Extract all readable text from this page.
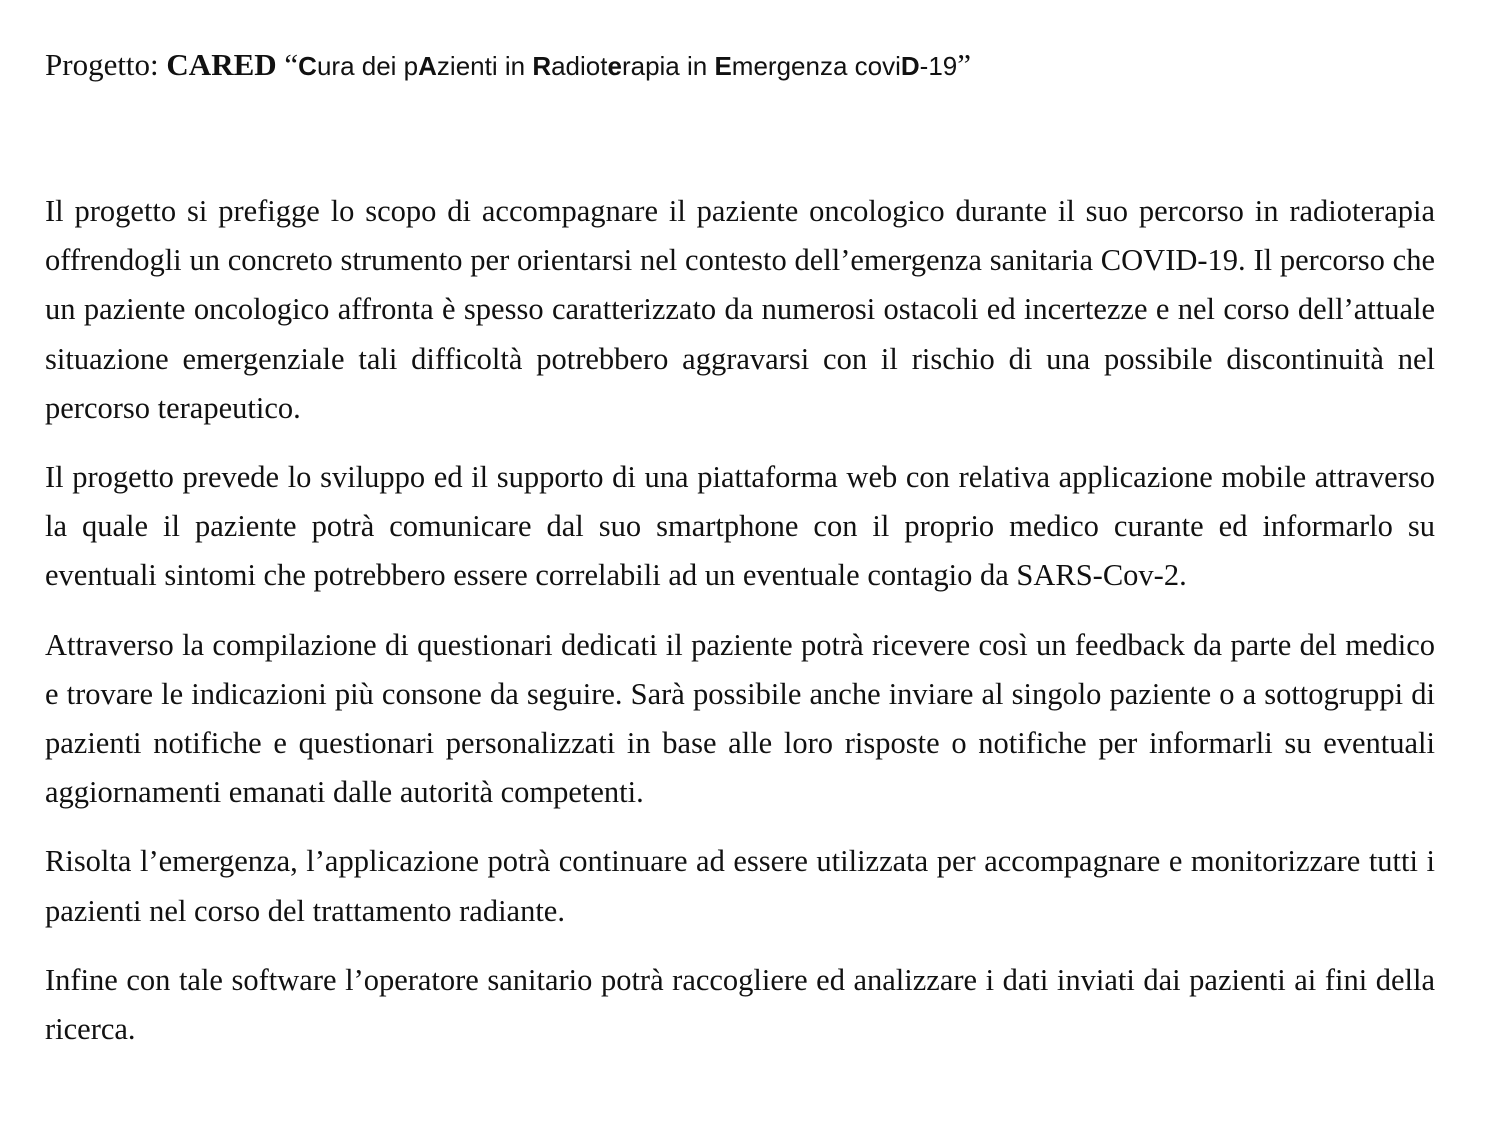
Progetto: CARED “Cura dei pAzienti in Radioterapia in Emergenza coviD-19”

Il progetto si prefigge lo scopo di accompagnare il paziente oncologico durante il suo percorso in radioterapia offrendogli un concreto strumento per orientarsi nel contesto dell’emergenza sanitaria COVID-19. Il percorso che un paziente oncologico affronta è spesso caratterizzato da numerosi ostacoli ed incertezze e nel corso dell’attuale situazione emergenziale tali difficoltà potrebbero aggravarsi con il rischio di una possibile discontinuità nel percorso terapeutico.

Il progetto prevede lo sviluppo ed il supporto di una piattaforma web con relativa applicazione mobile attraverso la quale il paziente potrà comunicare dal suo smartphone con il proprio medico curante ed informarlo su eventuali sintomi che potrebbero essere correlabili ad un eventuale contagio da SARS-Cov-2.

Attraverso la compilazione di questionari dedicati il paziente potrà ricevere così un feedback da parte del medico e trovare le indicazioni più consone da seguire. Sarà possibile anche inviare al singolo paziente o a sottogruppi di pazienti notifiche e questionari personalizzati in base alle loro risposte o notifiche per informarli su eventuali aggiornamenti emanati dalle autorità competenti.

Risolta l’emergenza, l’applicazione potrà continuare ad essere utilizzata per accompagnare e monitorizzare tutti i pazienti nel corso del trattamento radiante.

Infine con tale software l’operatore sanitario potrà raccogliere ed analizzare i dati inviati dai pazienti ai fini della ricerca.
